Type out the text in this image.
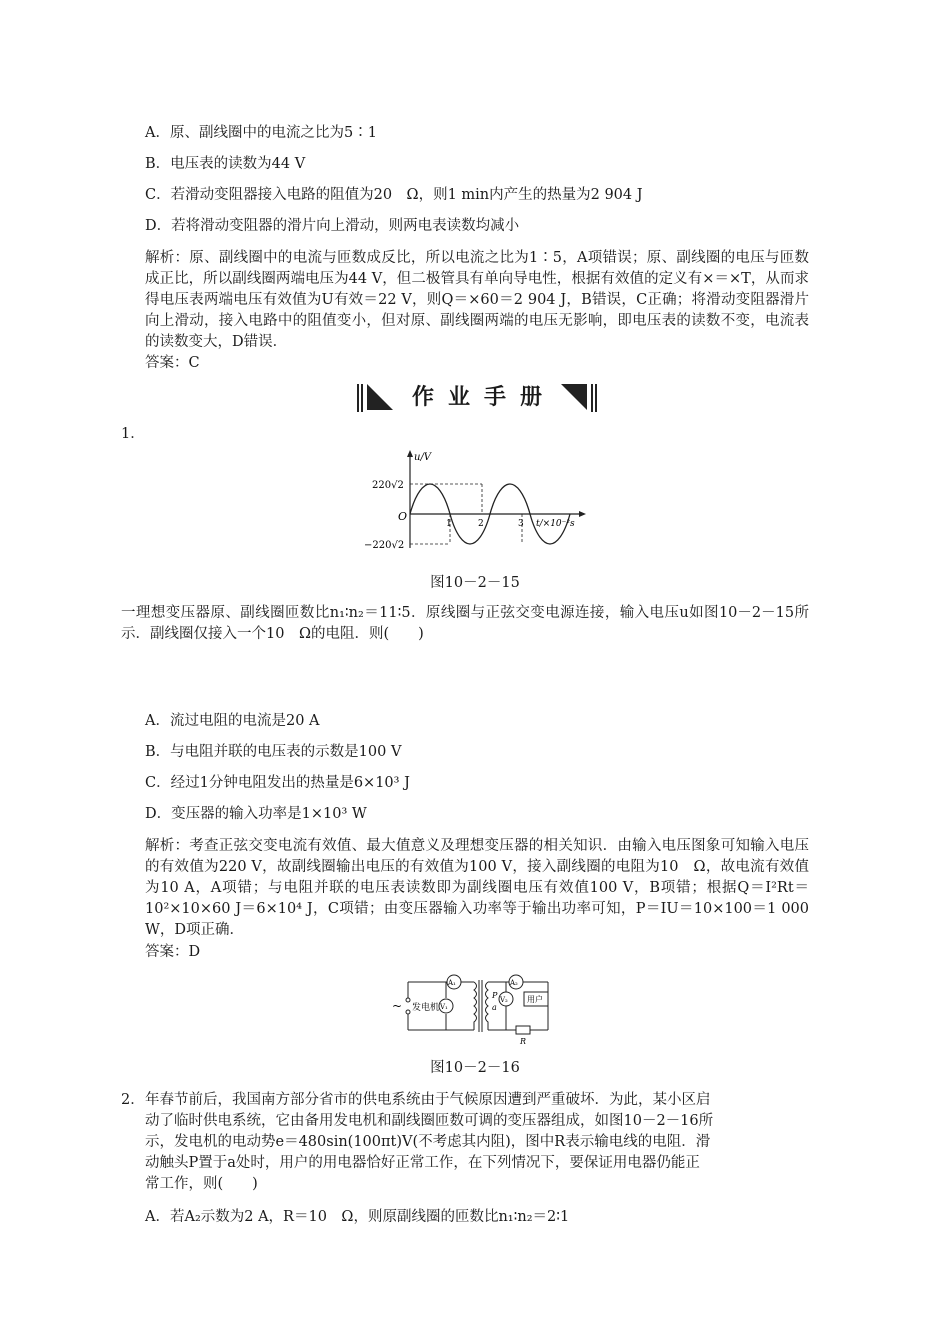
A．原、副线圈中的电流之比为5∶1
B．电压表的读数为44 V
C．若滑动变阻器接入电路的阻值为20　Ω，则1 min内产生的热量为2 904 J
D．若将滑动变阻器的滑片向上滑动，则两电表读数均减小
解析：原、副线圈中的电流与匝数成反比，所以电流之比为1∶5，A项错误；原、副线圈的电压与匝数成正比，所以副线圈两端电压为44 V，但二极管具有单向导电性，根据有效值的定义有×＝×T，从而求得电压表两端电压有效值为U有效＝22 V，则Q＝×60＝2 904 J，B错误，C正确；将滑动变阻器滑片向上滑动，接入电路中的阻值变小，但对原、副线圈两端的电压无影响，即电压表的读数不变，电流表的读数变大，D错误．
答案：C
作业手册
1．
u/V
220√2
−220√2
O
1	2	3 t/×10⁻²s
图10－2－15
一理想变压器原、副线圈匝数比n₁∶n₂＝11∶5．原线圈与正弦交变电源连接，输入电压u如图10－2－15所示．副线圈仅接入一个10　Ω的电阻．则(　　)
A．流过电阻的电流是20 A
B．与电阻并联的电压表的示数是100 V
C．经过1分钟电阻发出的热量是6×10³ J
D．变压器的输入功率是1×10³ W
解析：考查正弦交变电流有效值、最大值意义及理想变压器的相关知识．由输入电压图象可知输入电压的有效值为220 V，故副线圈输出电压的有效值为100 V，接入副线圈的电阻为10　Ω，故电流有效值为10 A，A项错；与电阻并联的电压表读数即为副线圈电压有效值100 V，B项错；根据Q＝I²Rt＝10²×10×60 J＝6×10⁴ J，C项错；由变压器输入功率等于输出功率可知，P＝IU＝10×100＝1 000 W，D项正确．
答案：D
~ 发电机
A₁
V₁
P
a
A₂
V₂ 用户
R
图10－2－16
2． 年春节前后，我国南方部分省市的供电系统由于气候原因遭到严重破坏．为此，某小区启
动了临时供电系统，它由备用发电机和副线圈匝数可调的变压器组成，如图10－2－16所
示，发电机的电动势e＝480sin(100πt)V(不考虑其内阻)，图中R表示输电线的电阻．滑
动触头P置于a处时，用户的用电器恰好正常工作，在下列情况下，要保证用电器仍能正
常工作，则(　　)
A．若A₂示数为2 A，R＝10　Ω，则原副线圈的匝数比n₁∶n₂＝2∶1
